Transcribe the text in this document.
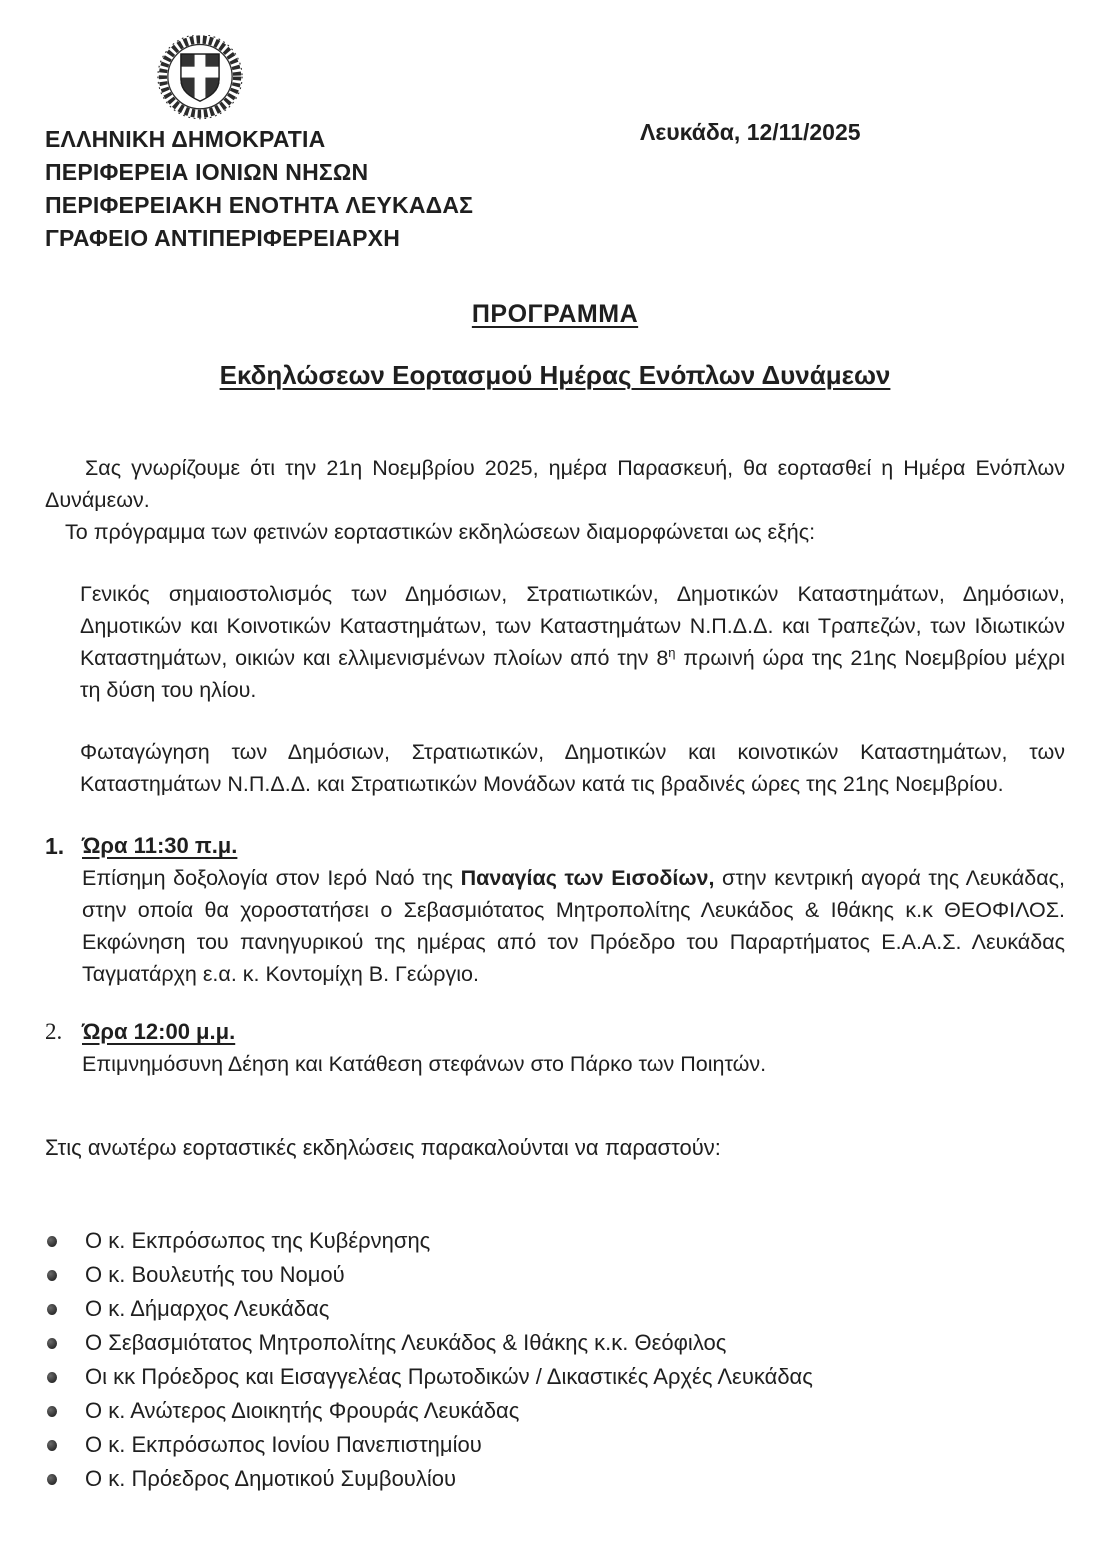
ΕΛΛΗΝΙΚΗ ΔΗΜΟΚΡΑΤΙΑ
ΠΕΡΙΦΕΡΕΙΑ ΙΟΝΙΩΝ ΝΗΣΩΝ
ΠΕΡΙΦΕΡΕΙΑΚΗ ΕΝΟΤΗΤΑ ΛΕΥΚΑΔΑΣ
ΓΡΑΦΕΙΟ ΑΝΤΙΠΕΡΙΦΕΡΕΙΑΡΧΗ
Λευκάδα, 12/11/2025
ΠΡΟΓΡΑΜΜΑ
Εκδηλώσεων Εορτασμού Ημέρας Ενόπλων Δυνάμεων

Σας γνωρίζουμε ότι την 21η Νοεμβρίου 2025, ημέρα Παρασκευή, θα εορτασθεί η Ημέρα Ενόπλων Δυνάμεων.

Το πρόγραμμα των φετινών εορταστικών εκδηλώσεων διαμορφώνεται ως εξής:

Γενικός σημαιοστολισμός των Δημόσιων, Στρατιωτικών, Δημοτικών Καταστημάτων, Δημόσιων, Δημοτικών και Κοινοτικών Καταστημάτων, των Καταστημάτων Ν.Π.Δ.Δ. και Τραπεζών, των Ιδιωτικών Καταστημάτων, οικιών και ελλιμενισμένων πλοίων από την $8^\eta$ πρωινή ώρα της 21ης Νοεμβρίου μέχρι τη δύση του ηλίου.

Φωταγώγηση των Δημόσιων, Στρατιωτικών, Δημοτικών και κοινοτικών Καταστημάτων, των Καταστημάτων Ν.Π.Δ.Δ. και Στρατιωτικών Μονάδων κατά τις βραδινές ώρες της 21ης Νοεμβρίου.

1. Ώρα 11:30 π.μ.
Επίσημη δοξολογία στον Ιερό Ναό της Παναγίας των Εισοδίων, στην κεντρική αγορά της Λευκάδας, στην οποία θα χοροστατήσει ο Σεβασμιότατος Μητροπολίτης Λευκάδος & Ιθάκης κ.κ ΘΕΟΦΙΛΟΣ. Εκφώνηση του πανηγυρικού της ημέρας από τον Πρόεδρο του Παραρτήματος Ε.Α.Α.Σ. Λευκάδας Ταγματάρχη ε.α. κ. Κοντομίχη Β. Γεώργιο.
2. Ώρα 12:00 μ.μ.
Επιμνημόσυνη Δέηση και Κατάθεση στεφάνων στο Πάρκο των Ποιητών.

Στις ανωτέρω εορταστικές εκδηλώσεις παρακαλούνται να παραστούν:

Ο κ. Εκπρόσωπος της Κυβέρνησης
Ο κ. Βουλευτής του Νομού
Ο κ. Δήμαρχος Λευκάδας
Ο Σεβασμιότατος Μητροπολίτης Λευκάδος & Ιθάκης κ.κ. Θεόφιλος
Οι κκ Πρόεδρος και Εισαγγελέας Πρωτοδικών / Δικαστικές Αρχές Λευκάδας
Ο κ. Ανώτερος Διοικητής Φρουράς Λευκάδας
Ο κ. Εκπρόσωπος Ιονίου Πανεπιστημίου
Ο κ. Πρόεδρος Δημοτικού Συμβουλίου
